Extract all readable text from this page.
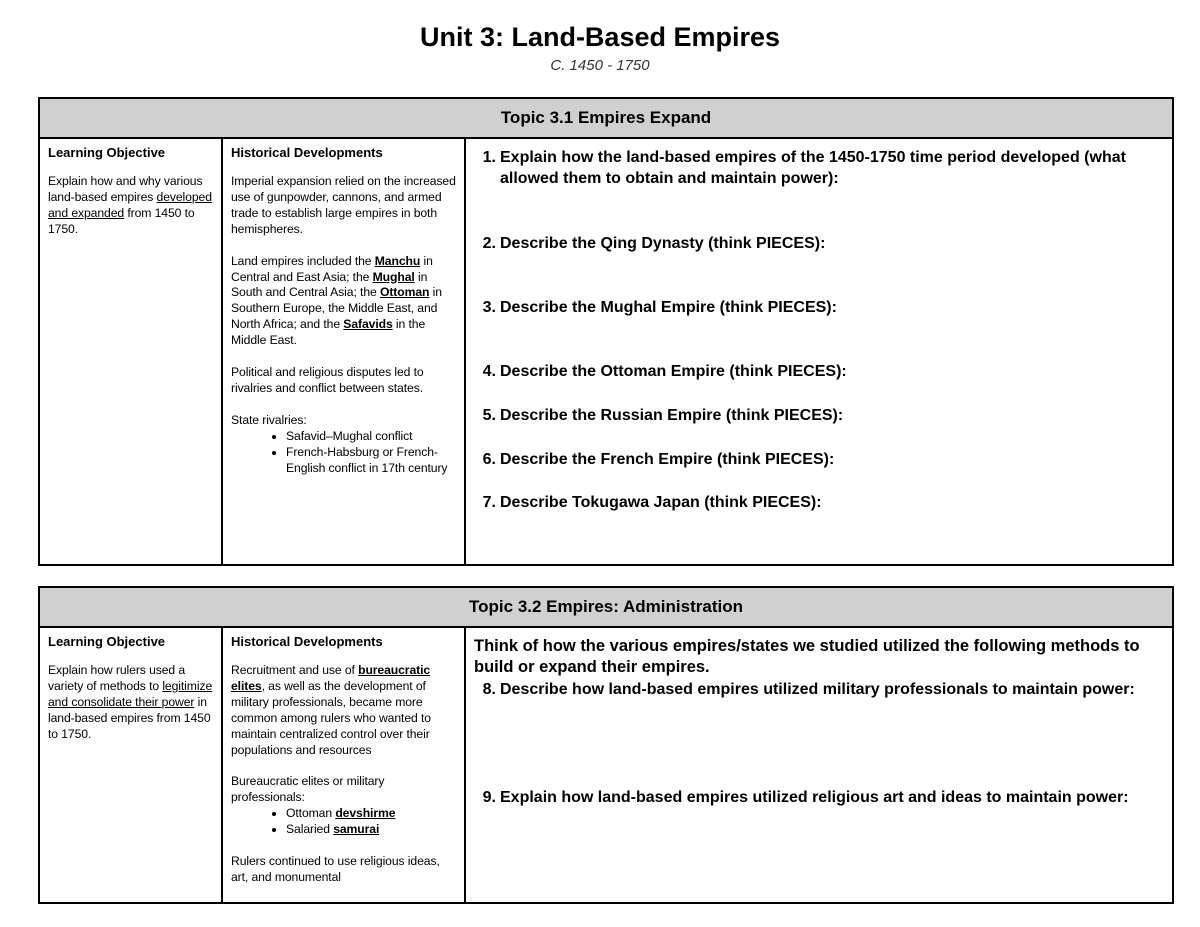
Unit 3: Land-Based Empires
C. 1450 - 1750
Topic 3.1 Empires Expand
Learning Objective
Explain how and why various land-based empires developed and expanded from 1450 to 1750.
Historical Developments

Imperial expansion relied on the increased use of gunpowder, cannons, and armed trade to establish large empires in both hemispheres.

Land empires included the Manchu in Central and East Asia; the Mughal in South and Central Asia; the Ottoman in Southern Europe, the Middle East, and North Africa; and the Safavids in the Middle East.

Political and religious disputes led to rivalries and conflict between states.

State rivalries:
• Safavid–Mughal conflict
• French-Habsburg or French-English conflict in 17th century
1. Explain how the land-based empires of the 1450-1750 time period developed (what allowed them to obtain and maintain power):
2. Describe the Qing Dynasty (think PIECES):
3. Describe the Mughal Empire (think PIECES):
4. Describe the Ottoman Empire (think PIECES):
5. Describe the Russian Empire (think PIECES):
6. Describe the French Empire (think PIECES):
7. Describe Tokugawa Japan (think PIECES):
Topic 3.2 Empires: Administration
Learning Objective
Explain how rulers used a variety of methods to legitimize and consolidate their power in land-based empires from 1450 to 1750.
Historical Developments

Recruitment and use of bureaucratic elites, as well as the development of military professionals, became more common among rulers who wanted to maintain centralized control over their populations and resources

Bureaucratic elites or military professionals:
• Ottoman devshirme
• Salaried samurai
Rulers continued to use religious ideas, art, and monumental
Think of how the various empires/states we studied utilized the following methods to build or expand their empires.
8. Describe how land-based empires utilized military professionals to maintain power:
9. Explain how land-based empires utilized religious art and ideas to maintain power:
